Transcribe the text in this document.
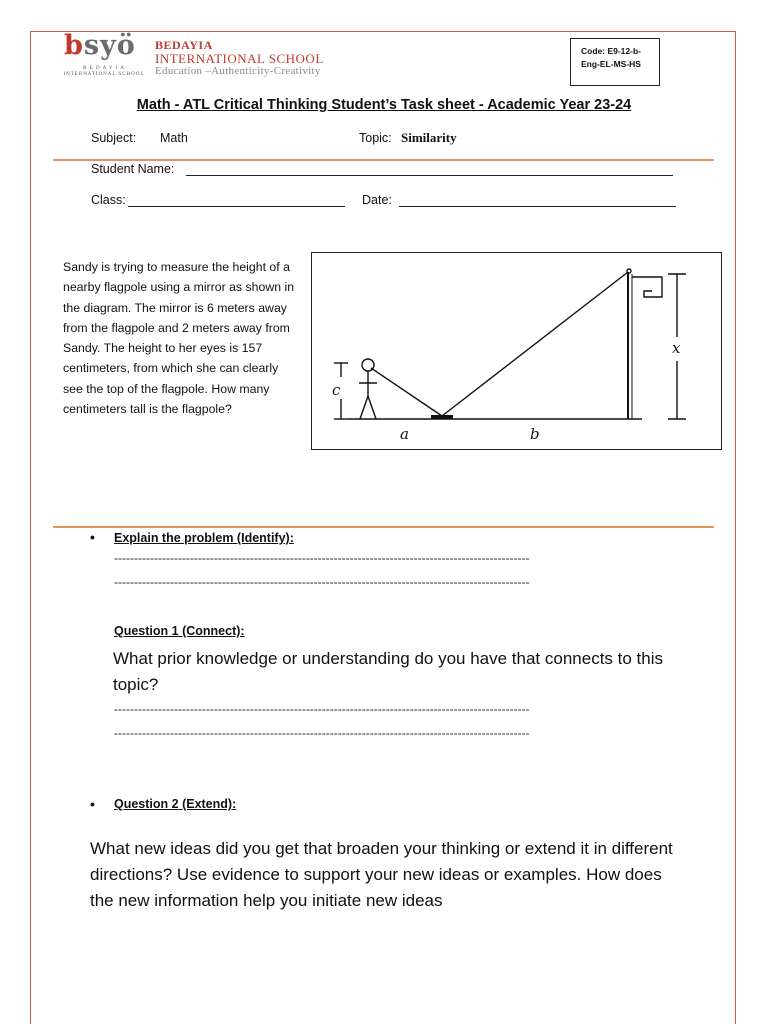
bsyö
B E D A Y I A
INTERNATIONAL SCHOOL
BEDAYIA
INTERNATIONAL SCHOOL
Education –Authenticity-Creativity
Code: E9-12-b-
Eng-EL-MS-HS
Math - ATL Critical Thinking Student’s Task sheet - Academic Year 23-24
Subject: Math	Topic: Similarity
Student Name:
Class:	Date:
Sandy is trying to measure the height of a nearby flagpole using a mirror as shown in the diagram. The mirror is 6 meters away from the flagpole and 2 meters away from Sandy. The height to her eyes is 157 centimeters, from which she can clearly see the top of the flagpole. How many centimeters tall is the flagpole?
c
a	b
x
• Explain the problem (Identify):
--------------------------------------------------------------------------------------------------------
--------------------------------------------------------------------------------------------------------
Question 1 (Connect):
What prior knowledge or understanding do you have that connects to this topic?
--------------------------------------------------------------------------------------------------------
--------------------------------------------------------------------------------------------------------
• Question 2 (Extend):
What new ideas did you get that broaden your thinking or extend it in different directions? Use evidence to support your new ideas or examples. How does the new information help you initiate new ideas
